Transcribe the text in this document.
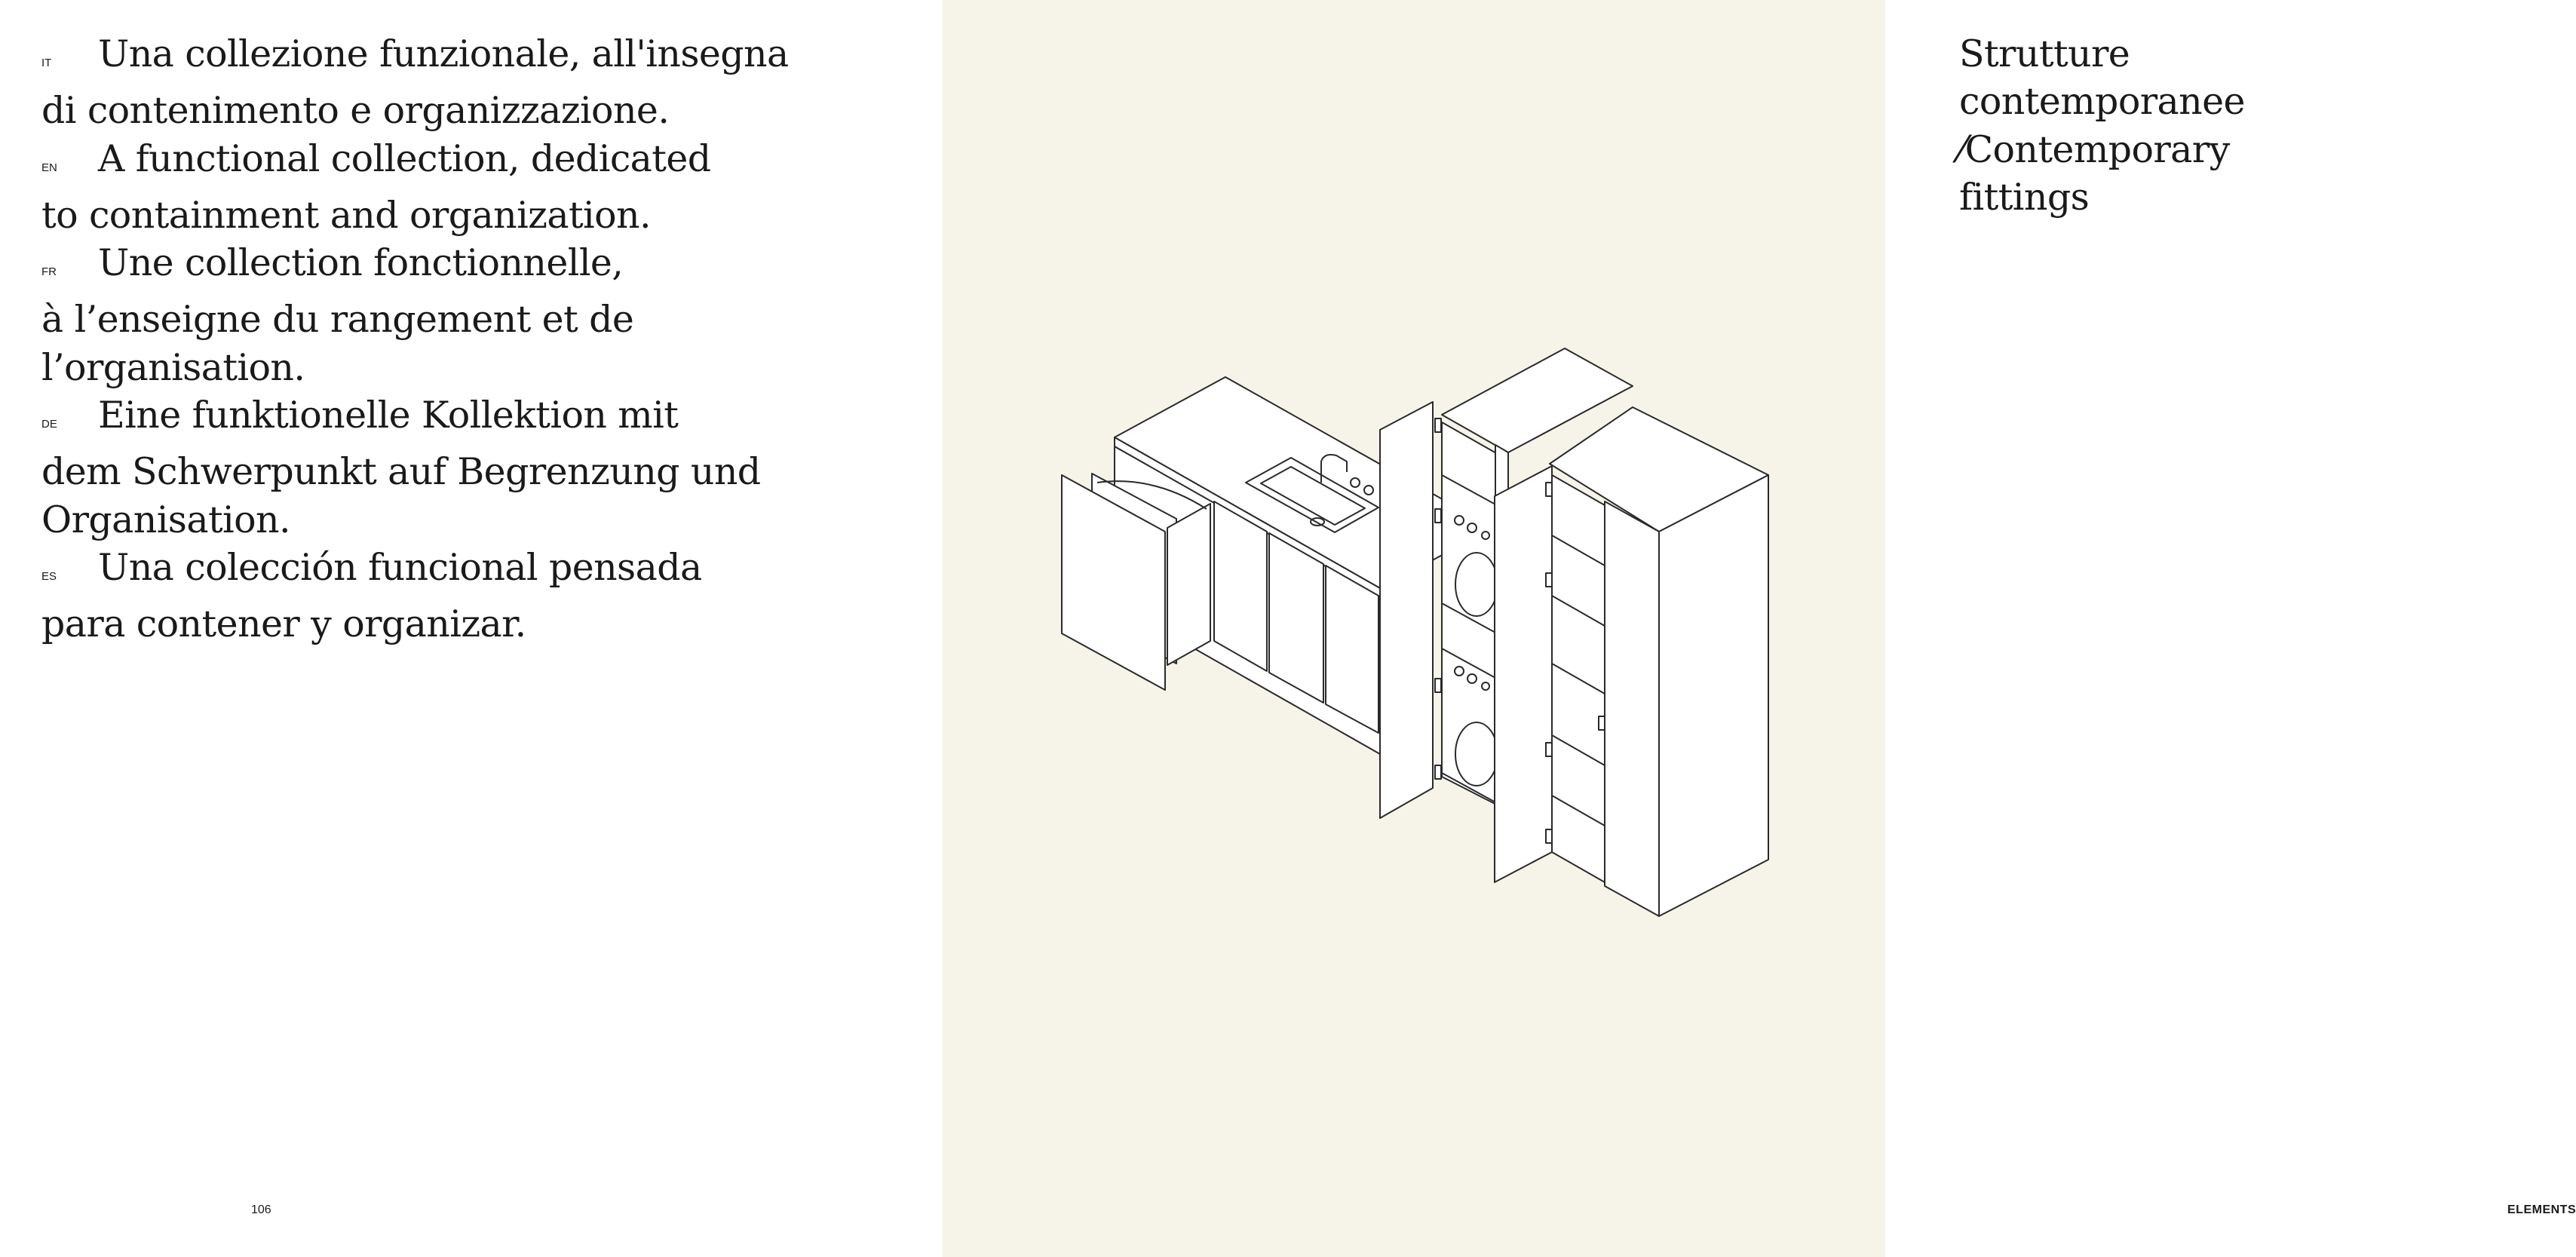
IT Una collezione funzionale, all'insegna
di contenimento e organizzazione.

EN A functional collection, dedicated
to containment and organization.

FR Une collection fonctionnelle,
à l’enseigne du rangement et de l’organisation.

DE Eine funktionelle Kollektion mit
dem Schwerpunkt auf Begrenzung und Organisation.

ES Una colección funcional pensada
para contener y organizar.

106

Strutture contemporanee
⁄Contemporary fittings

ELEMENTS
